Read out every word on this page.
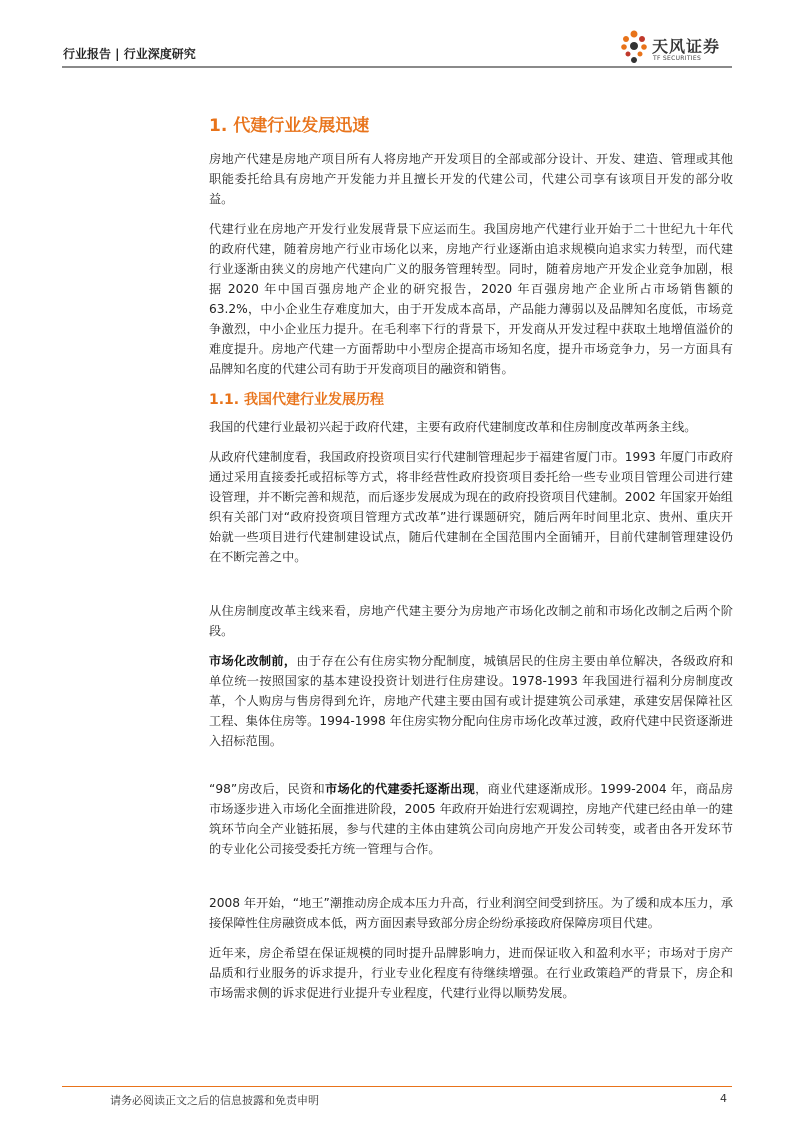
行业报告 | 行业深度研究	天风证券
TF SECURITIES
1. 代建行业发展迅速

房地产代建是房地产项目所有人将房地产开发项目的全部或部分设计、开发、建造、管理或其他职能委托给具有房地产开发能力并且擅长开发的代建公司，代建公司享有该项目开发的部分收益。

代建行业在房地产开发行业发展背景下应运而生。我国房地产代建行业开始于二十世纪九十年代的政府代建，随着房地产行业市场化以来，房地产行业逐渐由追求规模向追求实力转型，而代建行业逐渐由狭义的房地产代建向广义的服务管理转型。同时，随着房地产开发企业竞争加剧，根据 2020 年中国百强房地产企业的研究报告，2020 年百强房地产企业所占市场销售额的 63.2%，中小企业生存难度加大，由于开发成本高昂，产品能力薄弱以及品牌知名度低，市场竞争激烈，中小企业压力提升。在毛利率下行的背景下，开发商从开发过程中获取土地增值溢价的难度提升。房地产代建一方面帮助中小型房企提高市场知名度，提升市场竞争力，另一方面具有品牌知名度的代建公司有助于开发商项目的融资和销售。

1.1. 我国代建行业发展历程

我国的代建行业最初兴起于政府代建，主要有政府代建制度改革和住房制度改革两条主线。

从政府代建制度看，我国政府投资项目实行代建制管理起步于福建省厦门市。1993 年厦门市政府通过采用直接委托或招标等方式，将非经营性政府投资项目委托给一些专业项目管理公司进行建设管理，并不断完善和规范，而后逐步发展成为现在的政府投资项目代建制。2002 年国家开始组织有关部门对“政府投资项目管理方式改革”进行课题研究，随后两年时间里北京、贵州、重庆开始就一些项目进行代建制建设试点，随后代建制在全国范围内全面铺开，目前代建制管理建设仍在不断完善之中。

从住房制度改革主线来看，房地产代建主要分为房地产市场化改制之前和市场化改制之后两个阶段。

市场化改制前，由于存在公有住房实物分配制度，城镇居民的住房主要由单位解决，各级政府和单位统一按照国家的基本建设投资计划进行住房建设。1978-1993 年我国进行福利分房制度改革，个人购房与售房得到允许，房地产代建主要由国有或计提建筑公司承建，承建安居保障社区工程、集体住房等。1994-1998 年住房实物分配向住房市场化改革过渡，政府代建中民资逐渐进入招标范围。

“98”房改后，民资和市场化的代建委托逐渐出现，商业代建逐渐成形。1999-2004 年，商品房市场逐步进入市场化全面推进阶段，2005 年政府开始进行宏观调控，房地产代建已经由单一的建筑环节向全产业链拓展，参与代建的主体由建筑公司向房地产开发公司转变，或者由各开发环节的专业化公司接受委托方统一管理与合作。

2008 年开始，“地王”潮推动房企成本压力升高，行业利润空间受到挤压。为了缓和成本压力，承接保障性住房融资成本低，两方面因素导致部分房企纷纷承接政府保障房项目代建。

近年来，房企希望在保证规模的同时提升品牌影响力，进而保证收入和盈利水平；市场对于房产品质和行业服务的诉求提升，行业专业化程度有待继续增强。在行业政策趋严的背景下，房企和市场需求侧的诉求促进行业提升专业程度，代建行业得以顺势发展。

请务必阅读正文之后的信息披露和免责申明	4
